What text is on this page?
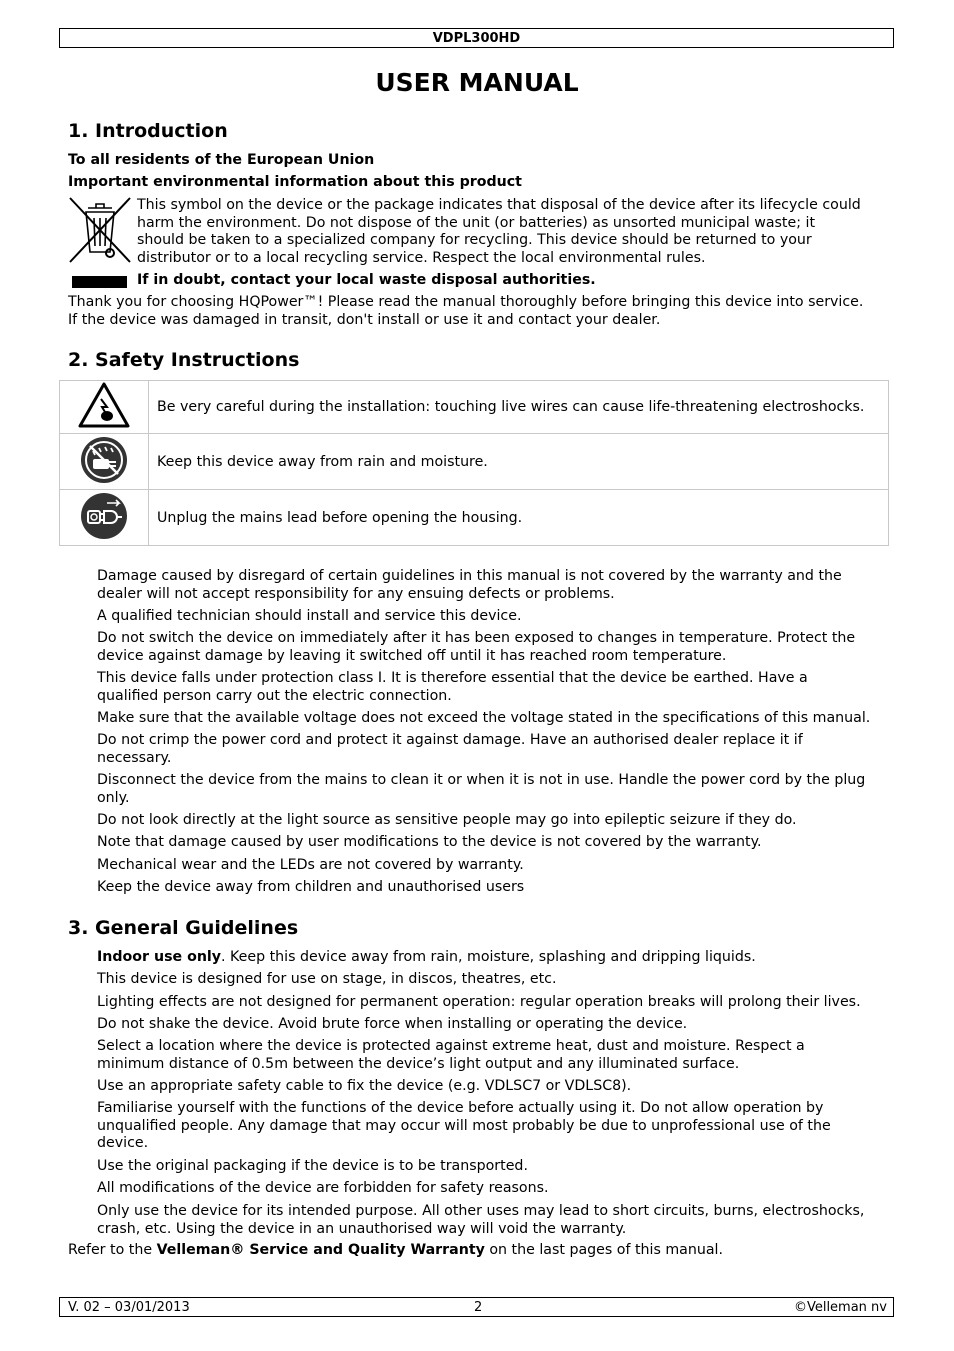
VDPL300HD
USER MANUAL
1. Introduction
To all residents of the European Union
Important environmental information about this product
This symbol on the device or the package indicates that disposal of the device after its lifecycle could
harm the environment. Do not dispose of the unit (or batteries) as unsorted municipal waste; it
should be taken to a specialized company for recycling. This device should be returned to your
distributor or to a local recycling service. Respect the local environmental rules.
If in doubt, contact your local waste disposal authorities.
Thank you for choosing HQPower™! Please read the manual thoroughly before bringing this device into service.
If the device was damaged in transit, don't install or use it and contact your dealer.
2. Safety Instructions
	Be very careful during the installation: touching live wires can cause life-threatening electroshocks.
	Keep this device away from rain and moisture.
	Unplug the mains lead before opening the housing.
Damage caused by disregard of certain guidelines in this manual is not covered by the warranty and the
dealer will not accept responsibility for any ensuing defects or problems.
A qualified technician should install and service this device.
Do not switch the device on immediately after it has been exposed to changes in temperature. Protect the
device against damage by leaving it switched off until it has reached room temperature.
This device falls under protection class I. It is therefore essential that the device be earthed. Have a
qualified person carry out the electric connection.
Make sure that the available voltage does not exceed the voltage stated in the specifications of this manual.
Do not crimp the power cord and protect it against damage. Have an authorised dealer replace it if
necessary.
Disconnect the device from the mains to clean it or when it is not in use. Handle the power cord by the plug
only.
Do not look directly at the light source as sensitive people may go into epileptic seizure if they do.
Note that damage caused by user modifications to the device is not covered by the warranty.
Mechanical wear and the LEDs are not covered by warranty.
Keep the device away from children and unauthorised users
3. General Guidelines
Indoor use only. Keep this device away from rain, moisture, splashing and dripping liquids.
This device is designed for use on stage, in discos, theatres, etc.
Lighting effects are not designed for permanent operation: regular operation breaks will prolong their lives.
Do not shake the device. Avoid brute force when installing or operating the device.
Select a location where the device is protected against extreme heat, dust and moisture. Respect a
minimum distance of 0.5m between the device’s light output and any illuminated surface.
Use an appropriate safety cable to fix the device (e.g. VDLSC7 or VDLSC8).
Familiarise yourself with the functions of the device before actually using it. Do not allow operation by
unqualified people. Any damage that may occur will most probably be due to unprofessional use of the
device.
Use the original packaging if the device is to be transported.
All modifications of the device are forbidden for safety reasons.
Only use the device for its intended purpose. All other uses may lead to short circuits, burns, electroshocks,
crash, etc. Using the device in an unauthorised way will void the warranty.
Refer to the Velleman® Service and Quality Warranty on the last pages of this manual.
V. 02 – 03/01/2013	2	©Velleman nv
